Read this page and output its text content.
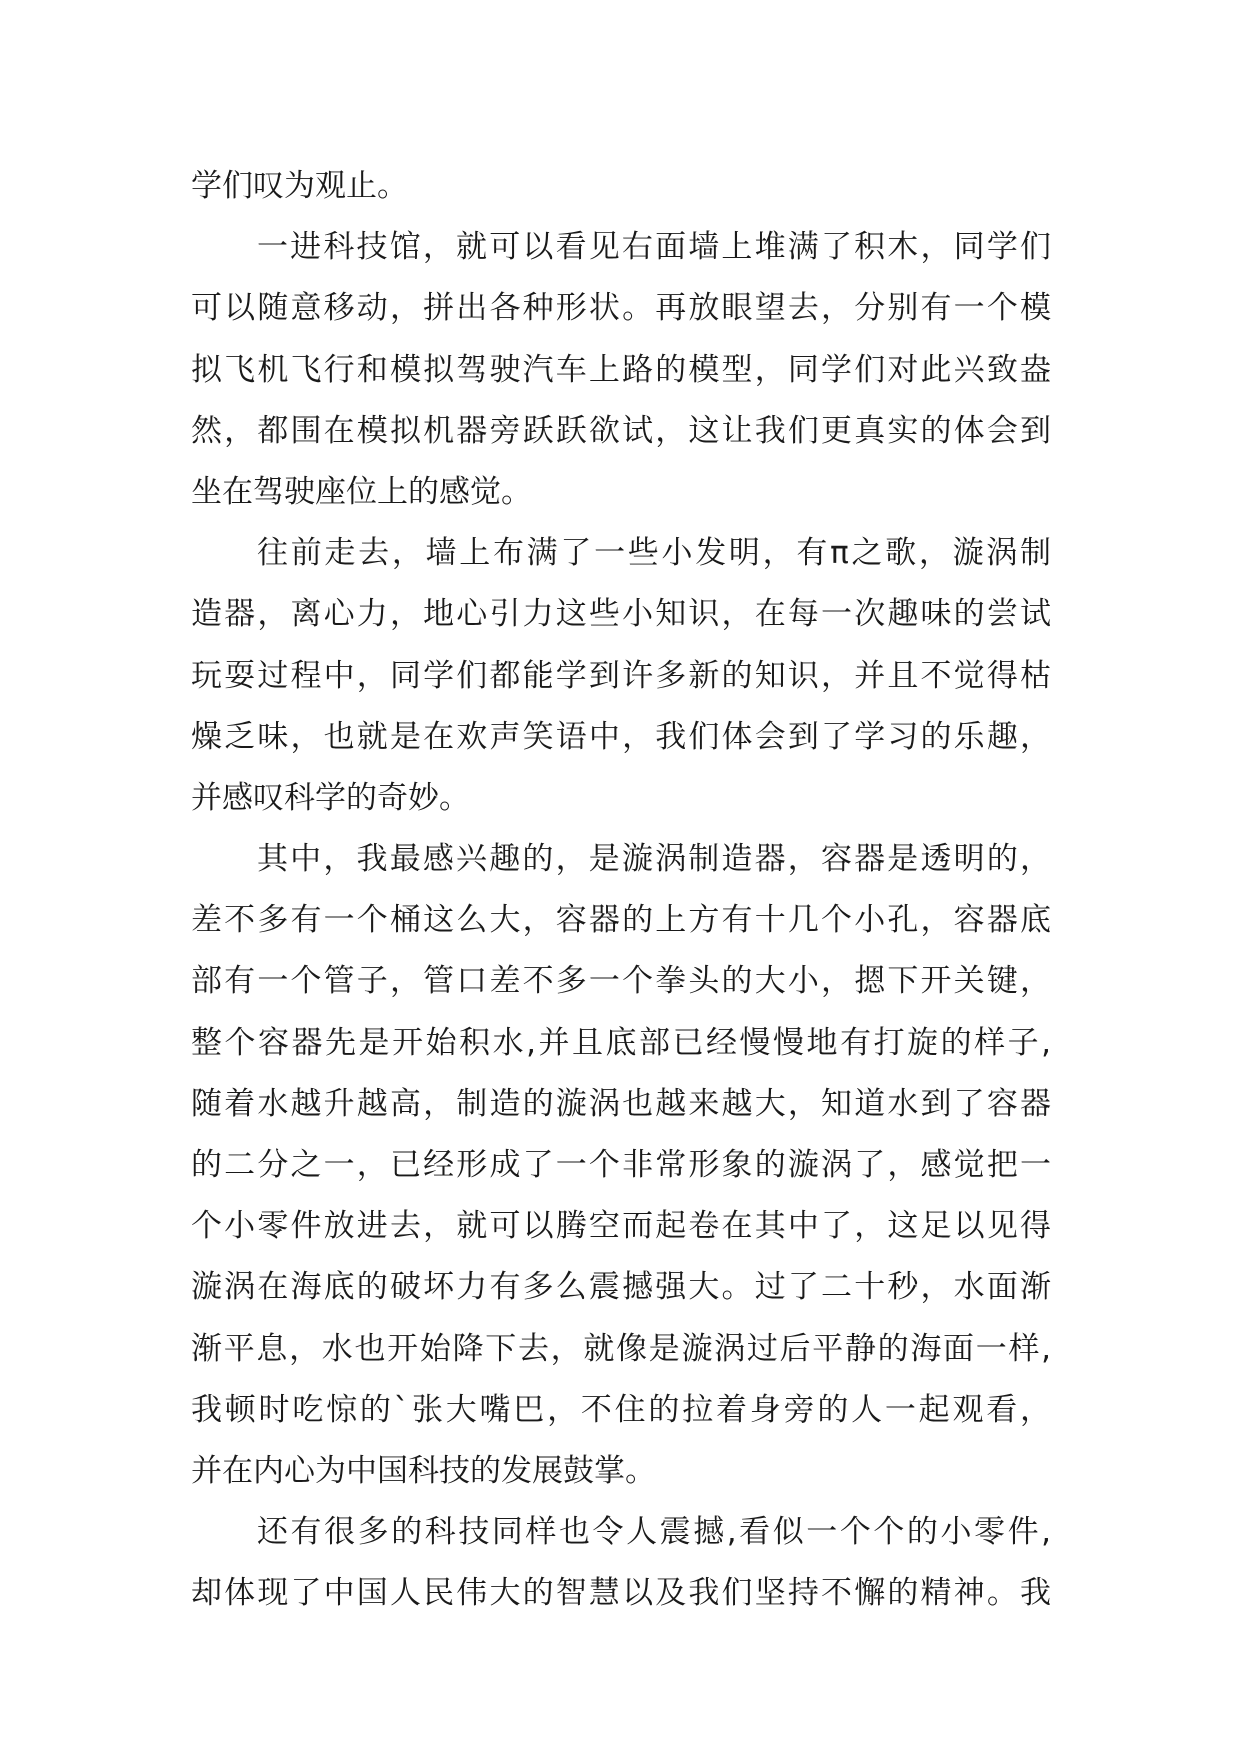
学们叹为观止。
一进科技馆，就可以看见右面墙上堆满了积木，同学们
可以随意移动，拼出各种形状。再放眼望去，分别有一个模
拟飞机飞行和模拟驾驶汽车上路的模型，同学们对此兴致盎
然，都围在模拟机器旁跃跃欲试，这让我们更真实的体会到
坐在驾驶座位上的感觉。
往前走去，墙上布满了一些小发明，有π之歌，漩涡制
造器，离心力，地心引力这些小知识，在每一次趣味的尝试
玩耍过程中，同学们都能学到许多新的知识，并且不觉得枯
燥乏味，也就是在欢声笑语中，我们体会到了学习的乐趣，
并感叹科学的奇妙。
其中，我最感兴趣的，是漩涡制造器，容器是透明的，
差不多有一个桶这么大，容器的上方有十几个小孔，容器底
部有一个管子，管口差不多一个拳头的大小，摁下开关键，
整个容器先是开始积水,并且底部已经慢慢地有打旋的样子,
随着水越升越高，制造的漩涡也越来越大，知道水到了容器
的二分之一，已经形成了一个非常形象的漩涡了，感觉把一
个小零件放进去，就可以腾空而起卷在其中了，这足以见得
漩涡在海底的破坏力有多么震撼强大。过了二十秒，水面渐
渐平息，水也开始降下去，就像是漩涡过后平静的海面一样,
我顿时吃惊的`张大嘴巴，不住的拉着身旁的人一起观看，
并在内心为中国科技的发展鼓掌。
还有很多的科技同样也令人震撼,看似一个个的小零件,
却体现了中国人民伟大的智慧以及我们坚持不懈的精神。我
